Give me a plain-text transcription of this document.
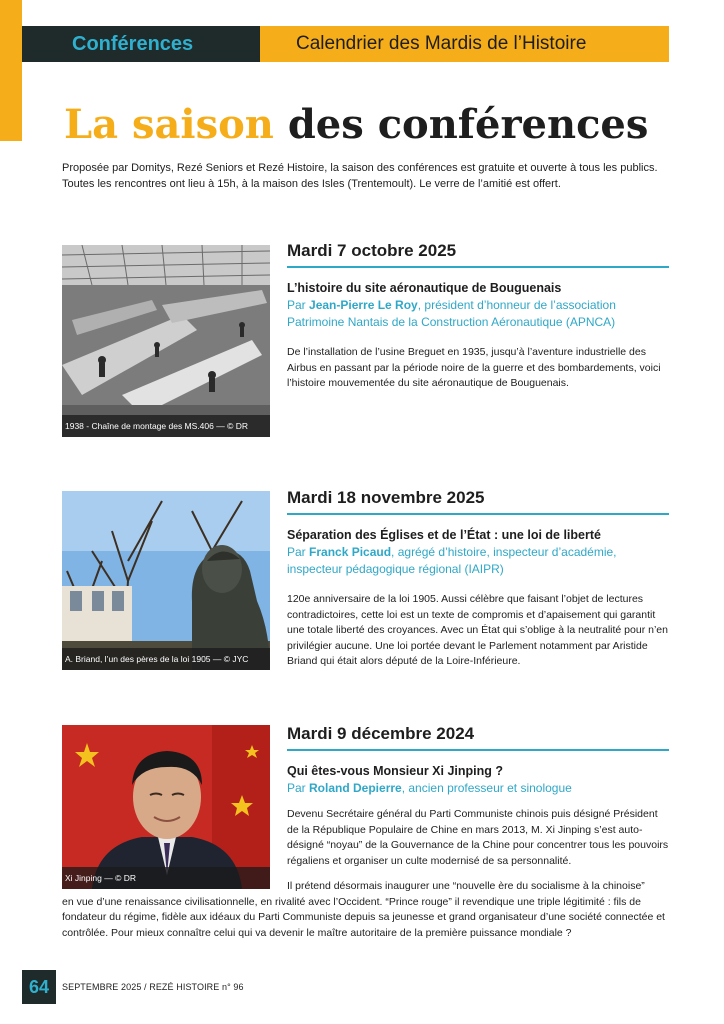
Conférences	Calendrier des Mardis de l’Histoire
La saison des conférences
Proposée par Domitys, Rezé Seniors et Rezé Histoire, la saison des conférences est gratuite et ouverte à tous les publics.
Toutes les rencontres ont lieu à 15h, à la maison des Isles (Trentemoult). Le verre de l’amitié est offert.
1938 - Chaîne de montage des MS.406 — © DR
Mardi 7 octobre 2025
L’histoire du site aéronautique de Bouguenais
Par Jean-Pierre Le Roy, président d’honneur de l’association Patrimoine Nantais de la Construction Aéronautique (APNCA)
De l’installation de l’usine Breguet en 1935, jusqu’à l’aventure industrielle des Airbus en passant par la période noire de la guerre et des bombardements, voici l’histoire mouvementée du site aéronautique de Bouguenais.
A. Briand, l’un des pères de la loi 1905 — © JYC
Mardi 18 novembre 2025
Séparation des Églises et de l’État : une loi de liberté
Par Franck Picaud, agrégé d’histoire, inspecteur d’académie, inspecteur pédagogique régional (IAIPR)
120e anniversaire de la loi 1905. Aussi célèbre que faisant l’objet de lectures contradictoires, cette loi est un texte de compromis et d’apaisement qui garantit une totale liberté des croyances. Avec un État qui s’oblige à la neutralité pour n’en privilégier aucune. Une loi portée devant le Parlement notamment par Aristide Briand qui était alors député de la Loire-Inférieure.
Xi Jinping — © DR
Mardi 9 décembre 2024
Qui êtes-vous Monsieur Xi Jinping ?
Par Roland Depierre, ancien professeur et sinologue
Devenu Secrétaire général du Parti Communiste chinois puis désigné Président de la République Populaire de Chine en mars 2013, M. Xi Jinping s’est auto-désigné “noyau” de la Gouvernance de la Chine pour concentrer tous les pouvoirs régaliens et organiser un culte modernisé de sa personnalité.
Il prétend désormais inaugurer une “nouvelle ère du socialisme à la chinoise”
en vue d’une renaissance civilisationnelle, en rivalité avec l’Occident. “Prince rouge” il revendique une triple légitimité : fils de fondateur du régime, fidèle aux idéaux du Parti Communiste depuis sa jeunesse et grand organisateur d’une société connectée et contrôlée. Pour mieux connaître celui qui va devenir le maître autoritaire de la première puissance mondiale ?
64	SEPTEMBRE 2025 / REZÉ HISTOIRE n° 96
